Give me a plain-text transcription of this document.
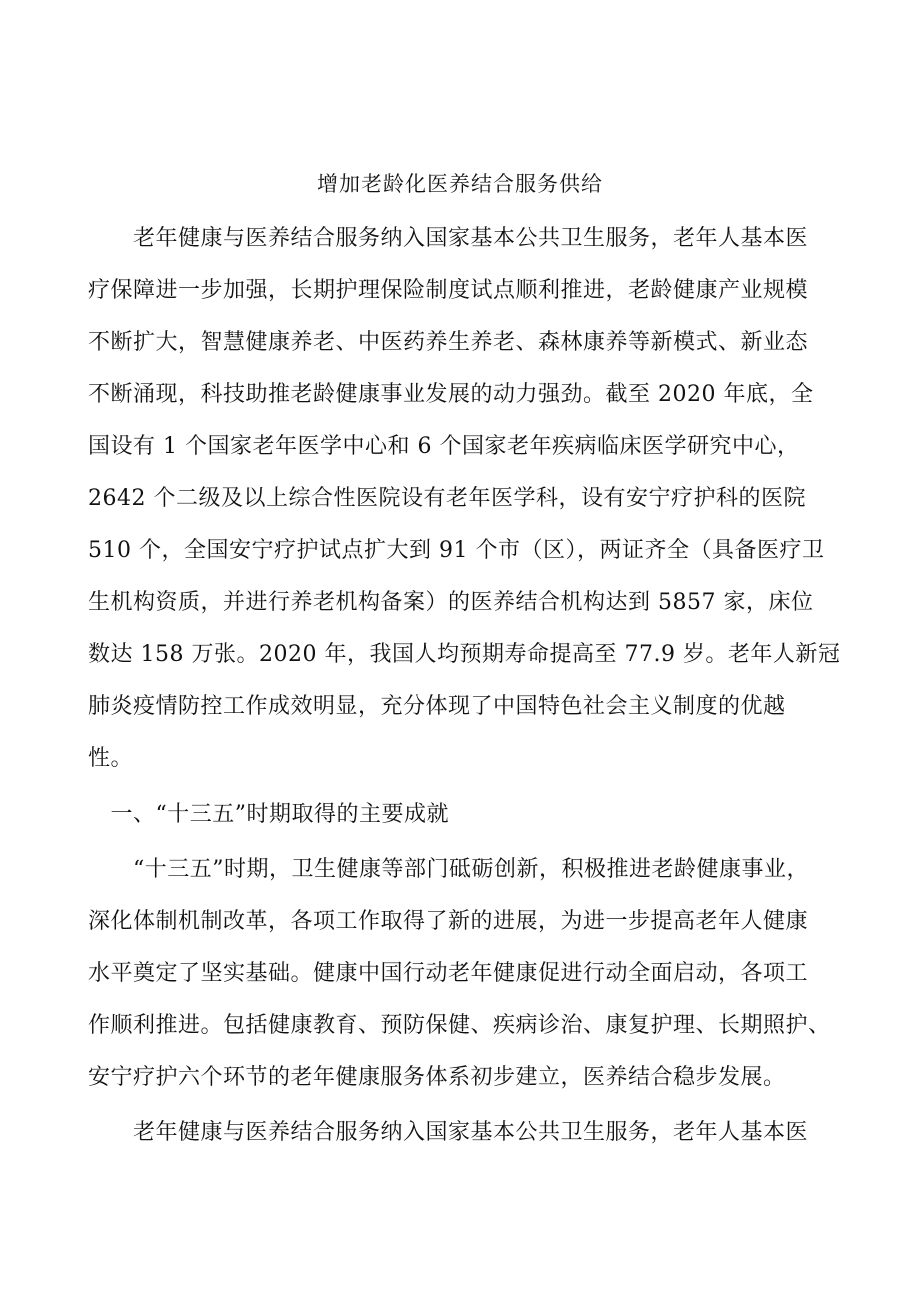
增加老龄化医养结合服务供给
　　老年健康与医养结合服务纳入国家基本公共卫生服务，老年人基本医
疗保障进一步加强，长期护理保险制度试点顺利推进，老龄健康产业规模
不断扩大，智慧健康养老、中医药养生养老、森林康养等新模式、新业态
不断涌现，科技助推老龄健康事业发展的动力强劲。截至 2020 年底，全
国设有 1 个国家老年医学中心和 6 个国家老年疾病临床医学研究中心，
2642 个二级及以上综合性医院设有老年医学科，设有安宁疗护科的医院
510 个，全国安宁疗护试点扩大到 91 个市（区），两证齐全（具备医疗卫
生机构资质，并进行养老机构备案）的医养结合机构达到 5857 家，床位
数达 158 万张。2020 年，我国人均预期寿命提高至 77.9 岁。老年人新冠
肺炎疫情防控工作成效明显，充分体现了中国特色社会主义制度的优越
性。
　一、“十三五”时期取得的主要成就
　　“十三五”时期，卫生健康等部门砥砺创新，积极推进老龄健康事业，
深化体制机制改革，各项工作取得了新的进展，为进一步提高老年人健康
水平奠定了坚实基础。健康中国行动老年健康促进行动全面启动，各项工
作顺利推进。包括健康教育、预防保健、疾病诊治、康复护理、长期照护、
安宁疗护六个环节的老年健康服务体系初步建立，医养结合稳步发展。
　　老年健康与医养结合服务纳入国家基本公共卫生服务，老年人基本医
